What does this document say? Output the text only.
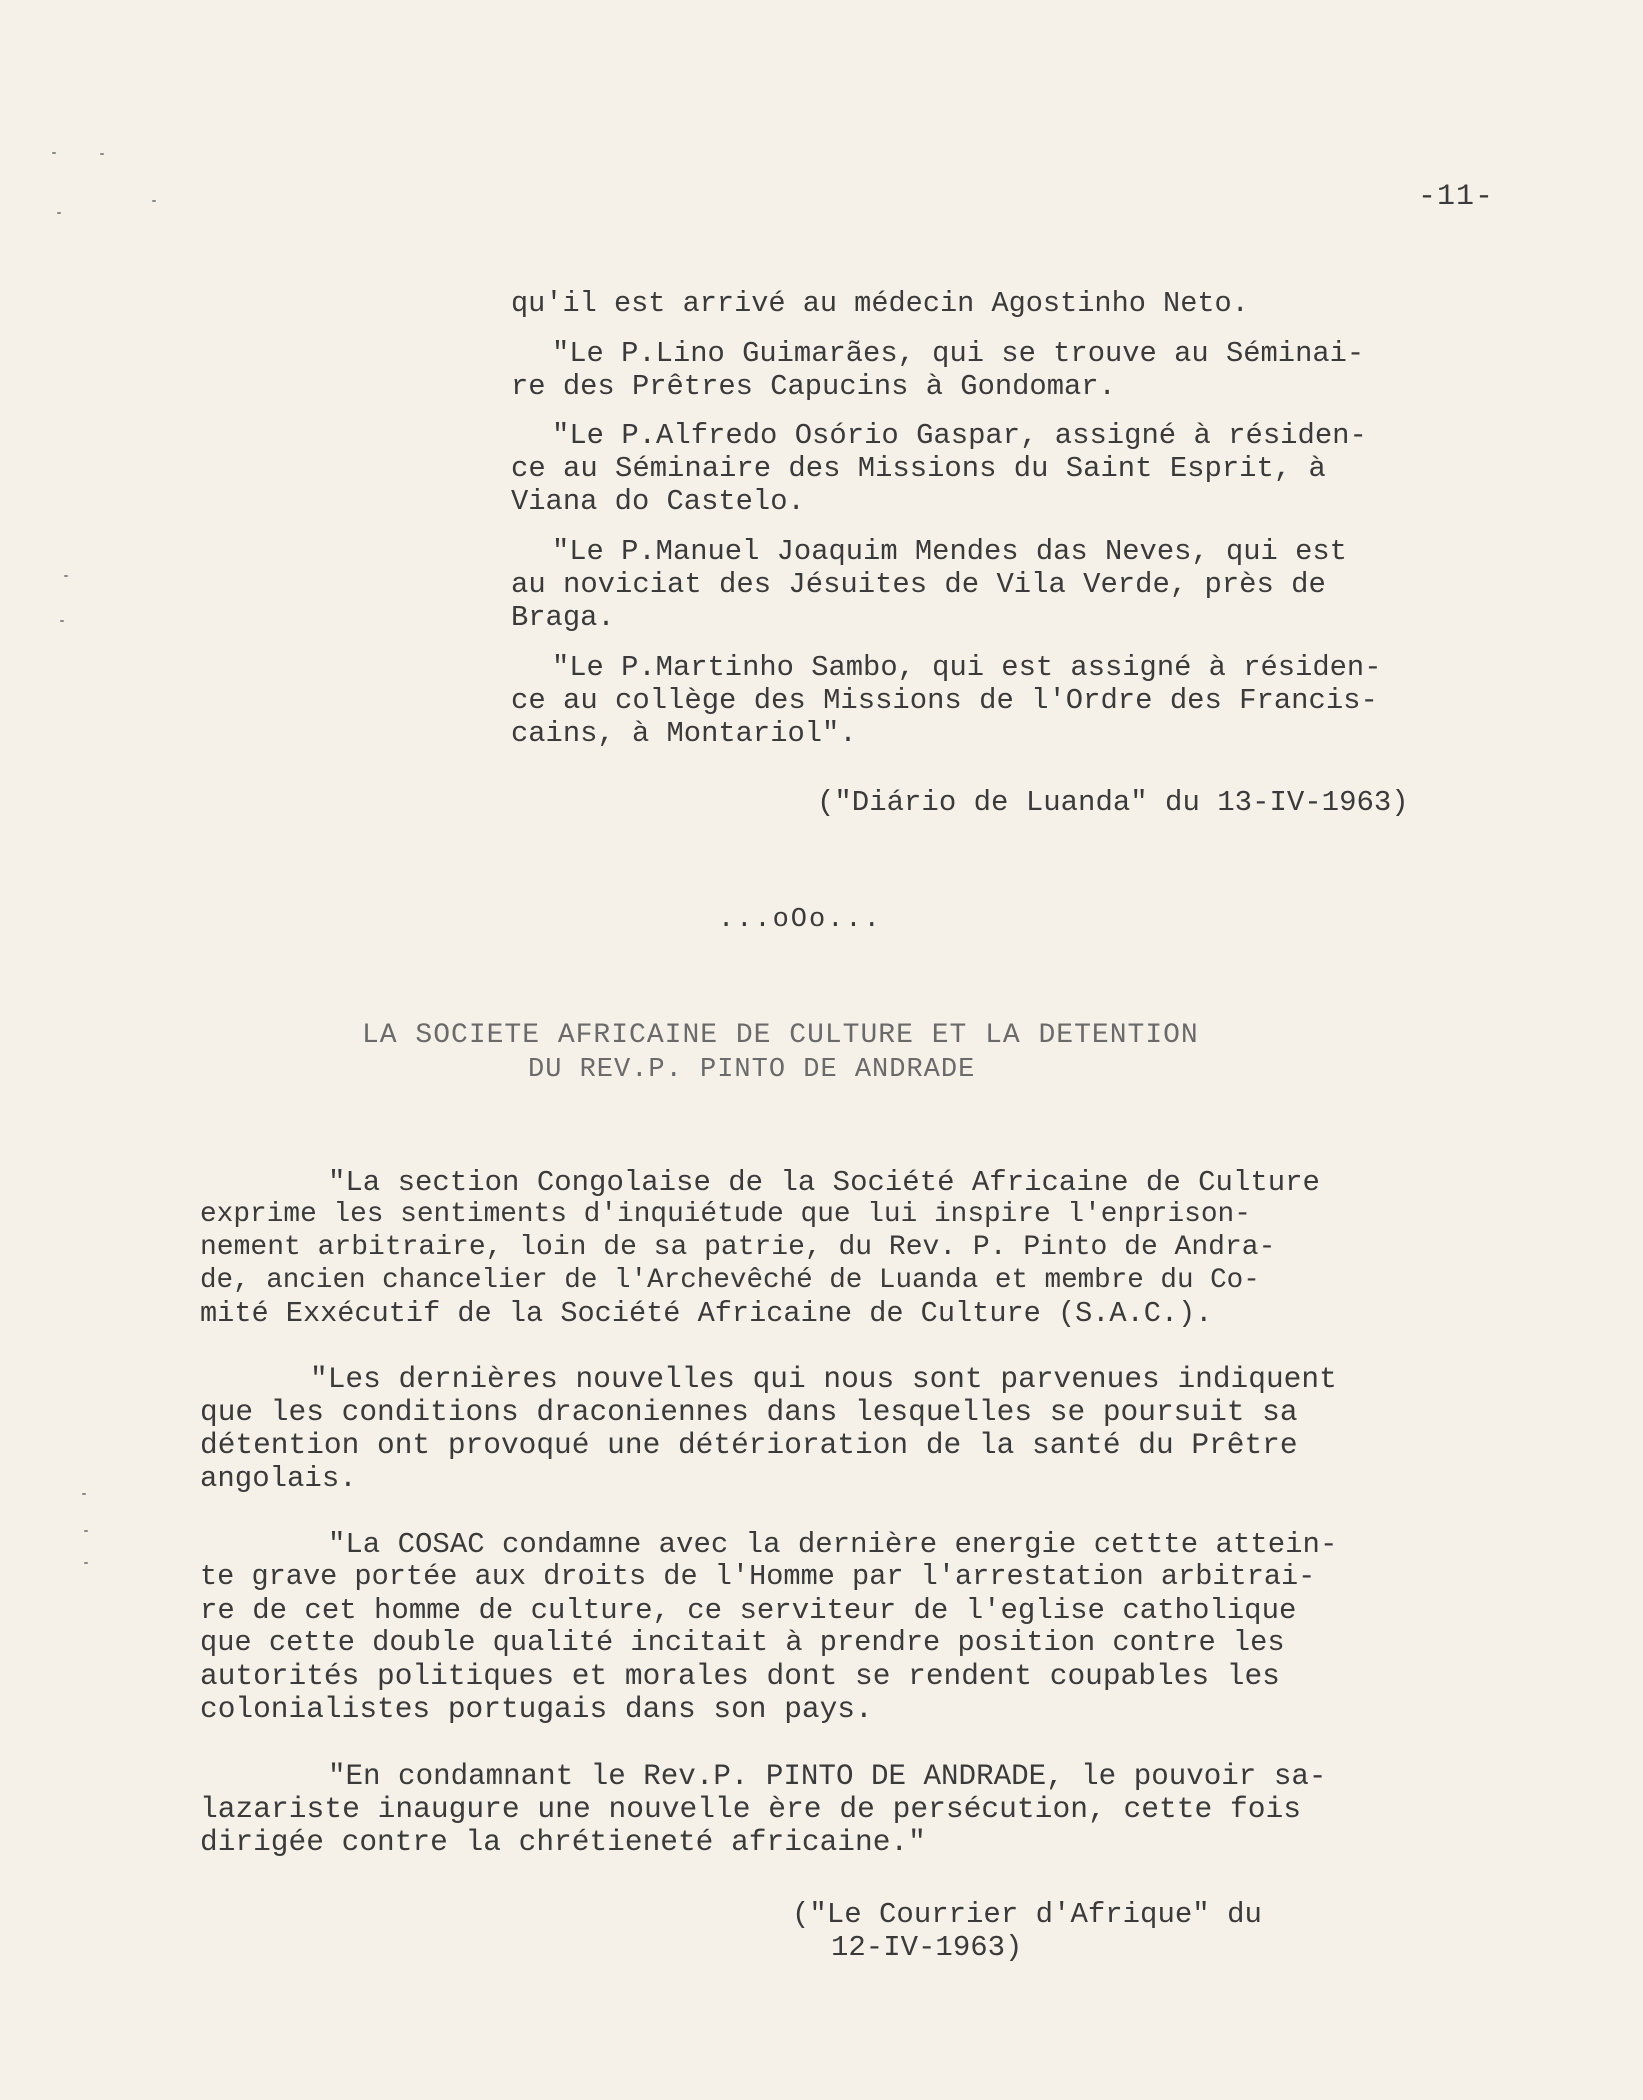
-11-
qu'il est arrivé au médecin Agostinho Neto.
"Le P.Lino Guimarães, qui se trouve au Séminai-
re des Prêtres Capucins à Gondomar.
"Le P.Alfredo Osório Gaspar, assigné à résiden-
ce au Séminaire des Missions du Saint Esprit, à
Viana do Castelo.
"Le P.Manuel Joaquim Mendes das Neves, qui est
au noviciat des Jésuites de Vila Verde, près de
Braga.
"Le P.Martinho Sambo, qui est assigné à résiden-
ce au collège des Missions de l'Ordre des Francis-
cains, à Montariol".
("Diário de Luanda" du 13-IV-1963)
...oOo...
LA SOCIETE AFRICAINE DE CULTURE ET LA DETENTION
DU REV.P. PINTO DE ANDRADE
"La section Congolaise de la Société Africaine de Culture
exprime les sentiments d'inquiétude que lui inspire l'enprison-
nement arbitraire, loin de sa patrie, du Rev. P. Pinto de Andra-
de, ancien chancelier de l'Archevêché de Luanda et membre du Co-
mité Exxécutif de la Société Africaine de Culture (S.A.C.).
"Les dernières nouvelles qui nous sont parvenues indiquent
que les conditions draconiennes dans lesquelles se poursuit sa
détention ont provoqué une détérioration de la santé du Prêtre
angolais.
"La COSAC condamne avec la dernière energie cettte attein-
te grave portée aux droits de l'Homme par l'arrestation arbitrai-
re de cet homme de culture, ce serviteur de l'eglise catholique
que cette double qualité incitait à prendre position contre les
autorités politiques et morales dont se rendent coupables les
colonialistes portugais dans son pays.
"En condamnant le Rev.P. PINTO DE ANDRADE, le pouvoir sa-
lazariste inaugure une nouvelle ère de persécution, cette fois
dirigée contre la chrétieneté africaine."
("Le Courrier d'Afrique" du
12-IV-1963)
